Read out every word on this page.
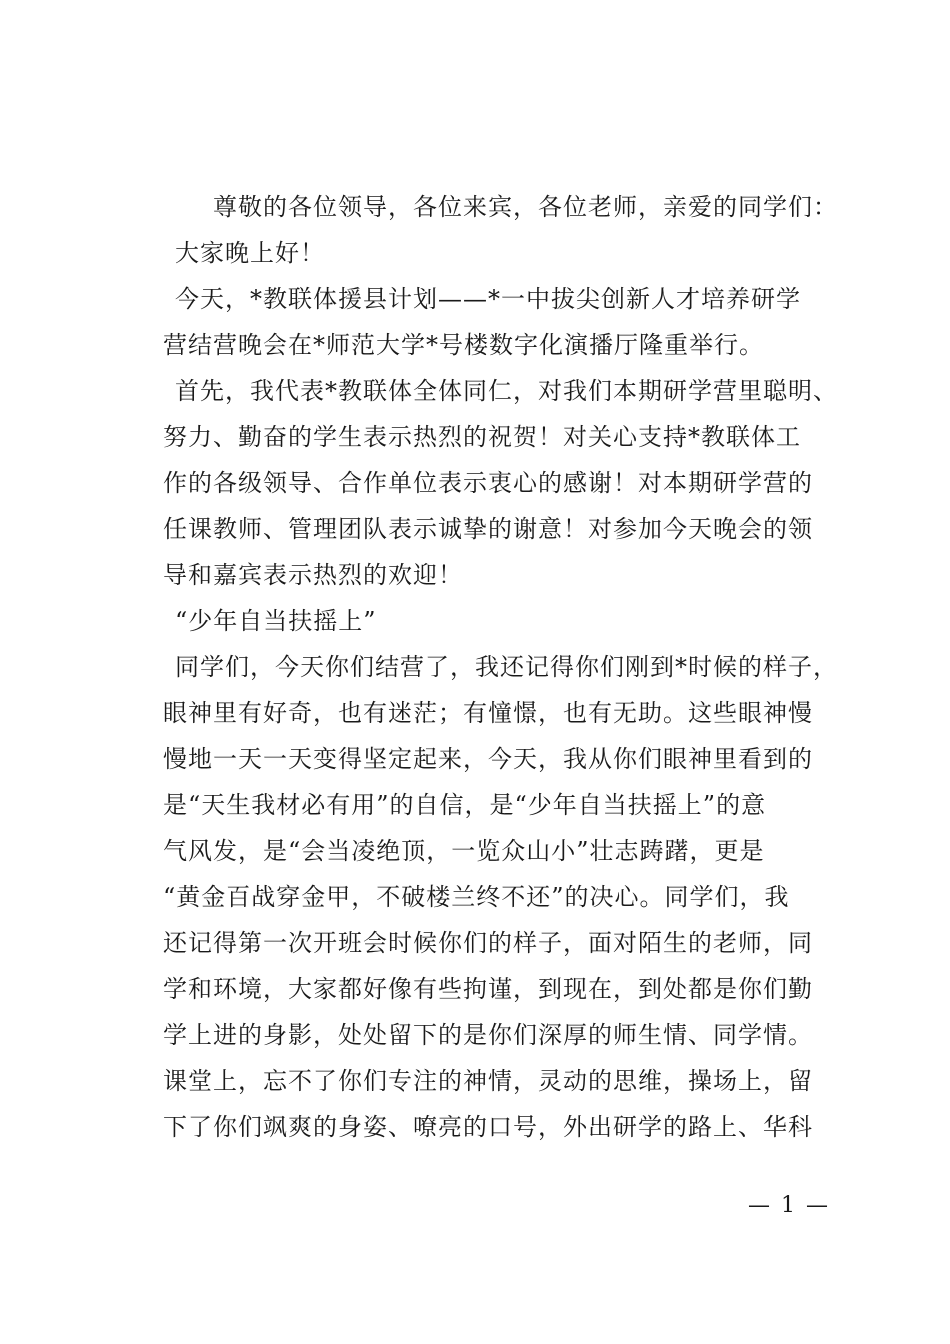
尊敬的各位领导，各位来宾，各位老师，亲爱的同学们：
大家晚上好！
今天，*教联体援县计划——*一中拔尖创新人才培养研学
营结营晚会在*师范大学*号楼数字化演播厅隆重举行。
首先，我代表*教联体全体同仁，对我们本期研学营里聪明、
努力、勤奋的学生表示热烈的祝贺！对关心支持*教联体工
作的各级领导、合作单位表示衷心的感谢！对本期研学营的
任课教师、管理团队表示诚挚的谢意！对参加今天晚会的领
导和嘉宾表示热烈的欢迎！
“少年自当扶摇上”
同学们，今天你们结营了，我还记得你们刚到*时候的样子，
眼神里有好奇，也有迷茫；有憧憬，也有无助。这些眼神慢
慢地一天一天变得坚定起来，今天，我从你们眼神里看到的
是“天生我材必有用”的自信，是“少年自当扶摇上”的意
气风发，是“会当凌绝顶，一览众山小”壮志踌躇，更是
“黄金百战穿金甲，不破楼兰终不还”的决心。同学们，我
还记得第一次开班会时候你们的样子，面对陌生的老师，同
学和环境，大家都好像有些拘谨，到现在，到处都是你们勤
学上进的身影，处处留下的是你们深厚的师生情、同学情。
课堂上，忘不了你们专注的神情，灵动的思维，操场上，留
下了你们飒爽的身姿、嘹亮的口号，外出研学的路上、华科
— 1 —
